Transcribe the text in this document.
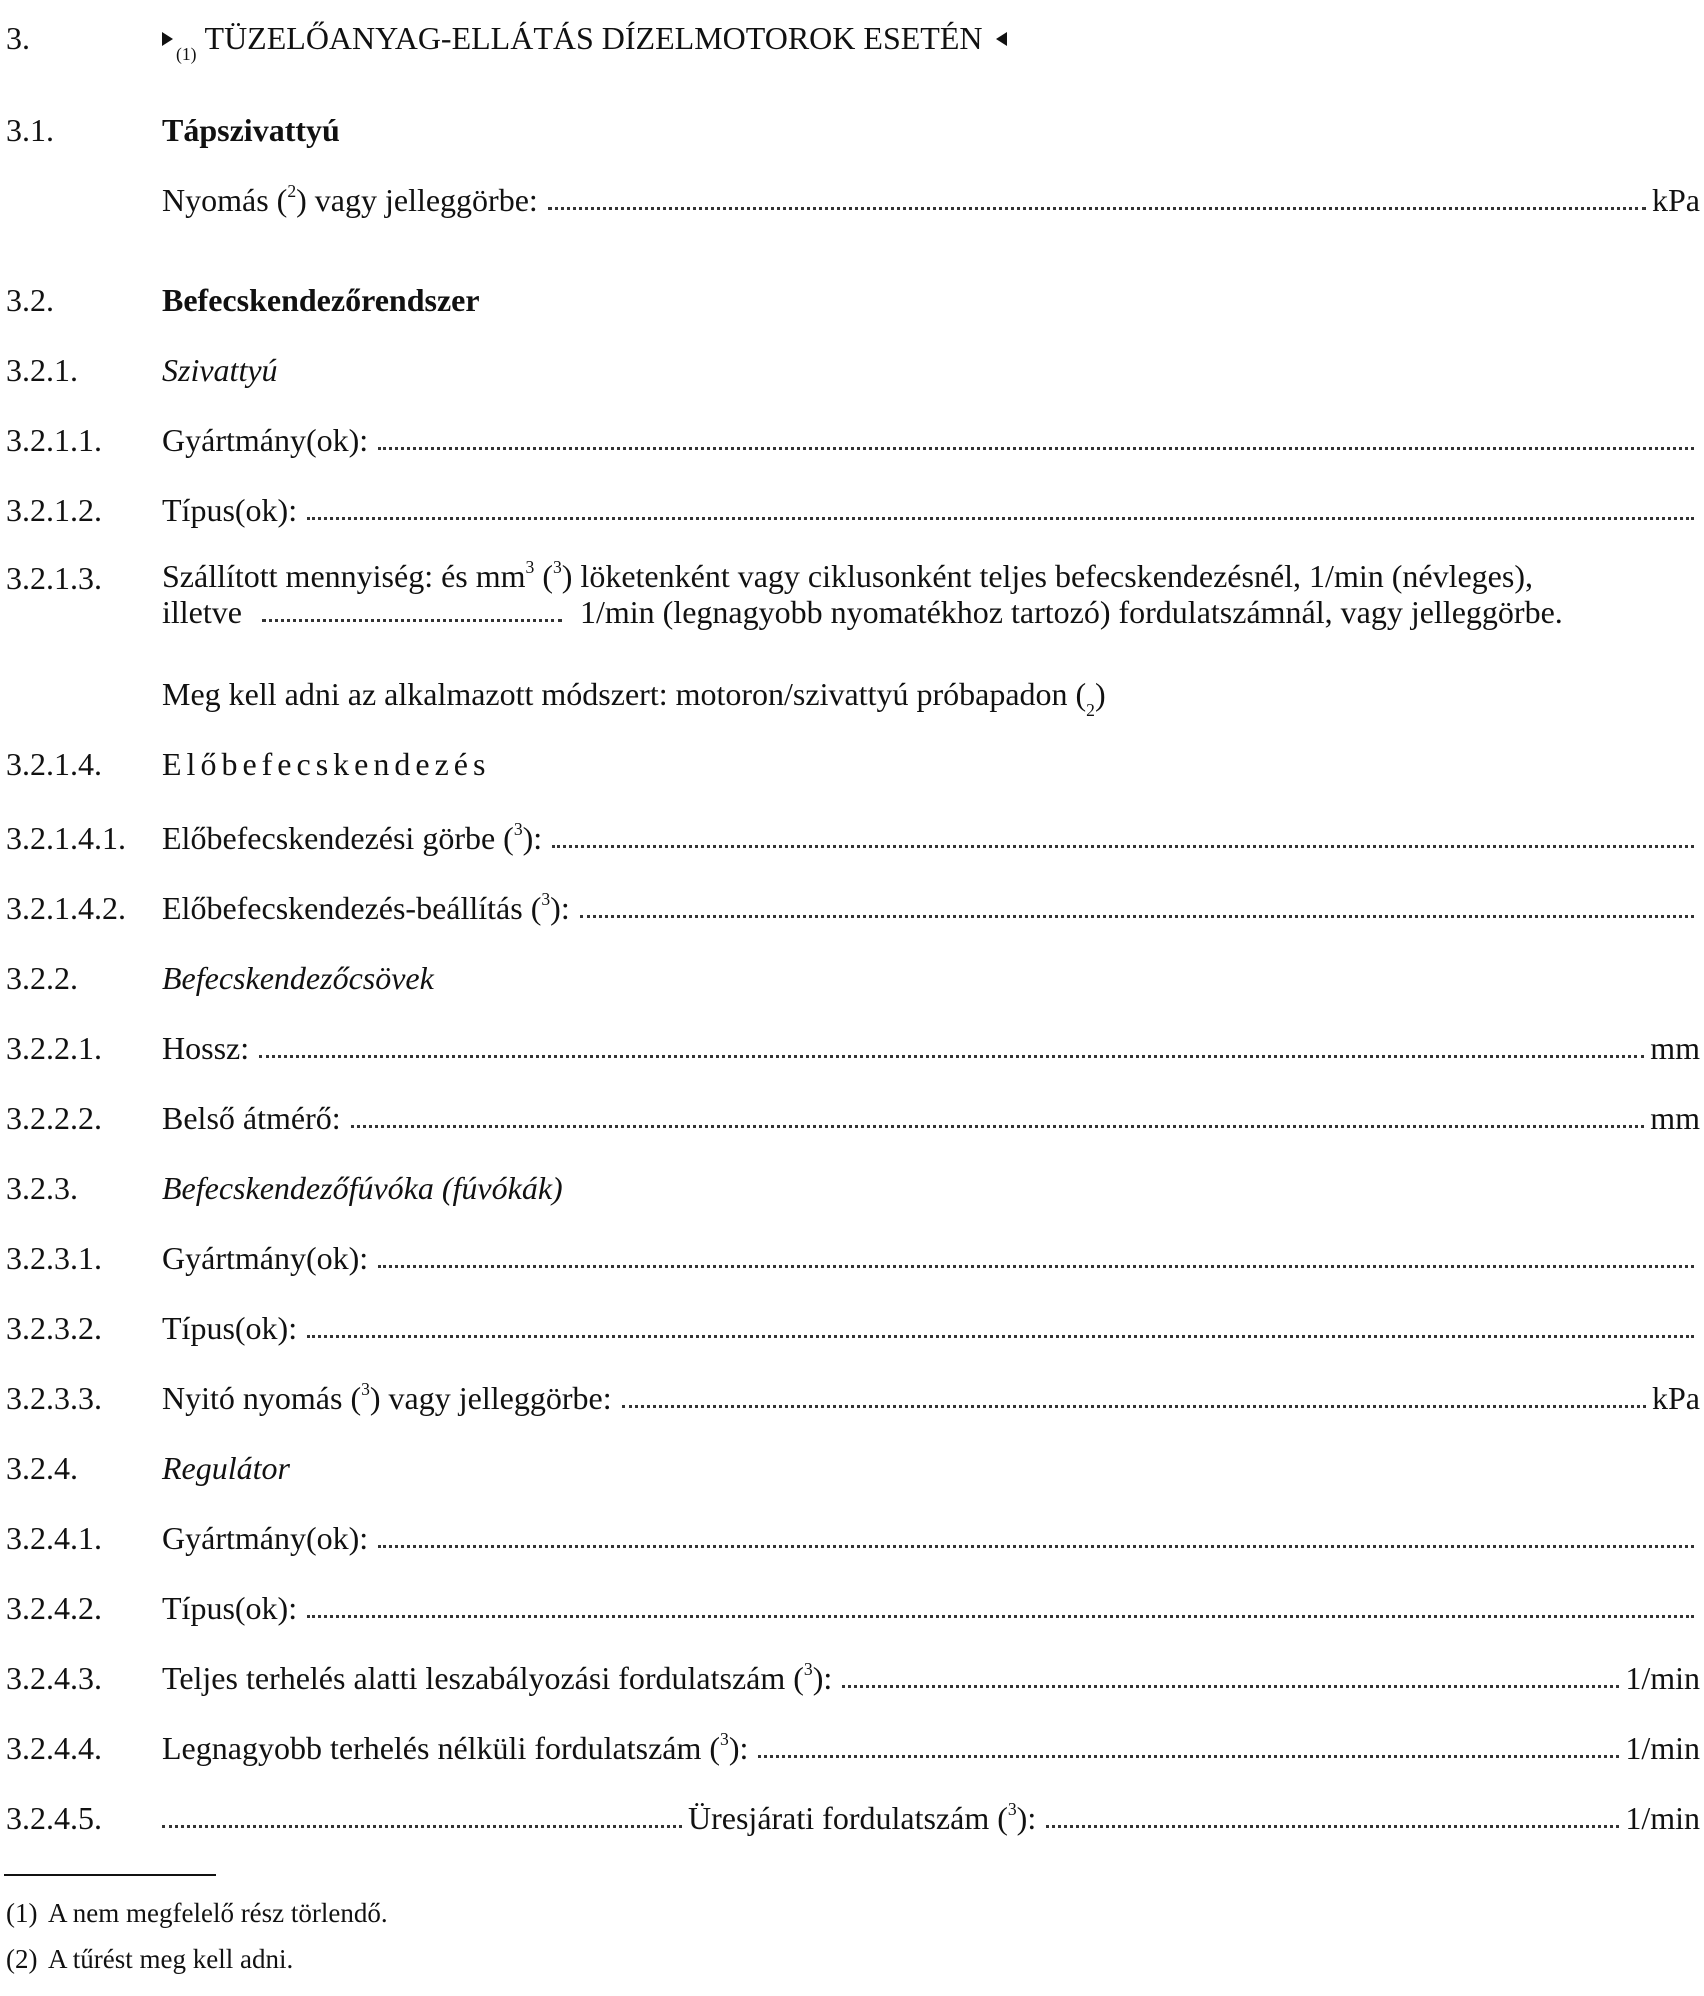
3.	(1) TÜZELŐANYAG-ELLÁTÁS DÍZELMOTOROK ESETÉN
3.1.	Tápszivattyú
Nyomás ($^2$) vagy jelleggörbe:	kPa
3.2.	Befecskendezőrendszer
3.2.1.	Szivattyú
3.2.1.1. Gyártmány(ok):
3.2.1.2. Típus(ok):
3.2.1.3. Szállított mennyiség: és $mm^3$ ($^3$) löketenként vagy ciklusonként teljes befecskendezésnél, 1/min (névleges),
illetve	1/min (legnagyobb nyomatékhoz tartozó) fordulatszámnál, vagy jelleggörbe.
Meg kell adni az alkalmazott módszert: motoron/szivattyú próbapadon ( 2 )
3.2.1.4. Előbefecskendezés
3.2.1.4.1. Előbefecskendezési görbe ($^3$):
3.2.1.4.2. Előbefecskendezés-beállítás ($^3$):
3.2.2.	Befecskendezőcsövek
3.2.2.1. Hossz:	mm
3.2.2.2. Belső átmérő:	mm
3.2.3.	Befecskendezőfúvóka (fúvókák)
3.2.3.1. Gyártmány(ok):
3.2.3.2. Típus(ok):
3.2.3.3. Nyitó nyomás ($^3$) vagy jelleggörbe:	kPa
3.2.4.	Regulátor
3.2.4.1. Gyártmány(ok):
3.2.4.2. Típus(ok):
3.2.4.3. Teljes terhelés alatti leszabályozási fordulatszám ($^3$):	1/min
3.2.4.4. Legnagyobb terhelés nélküli fordulatszám ($^3$):	1/min
3.2.4.5.	Üresjárati fordulatszám ($^3$):	1/min
(1) A nem megfelelő rész törlendő.
(2) A tűrést meg kell adni.
